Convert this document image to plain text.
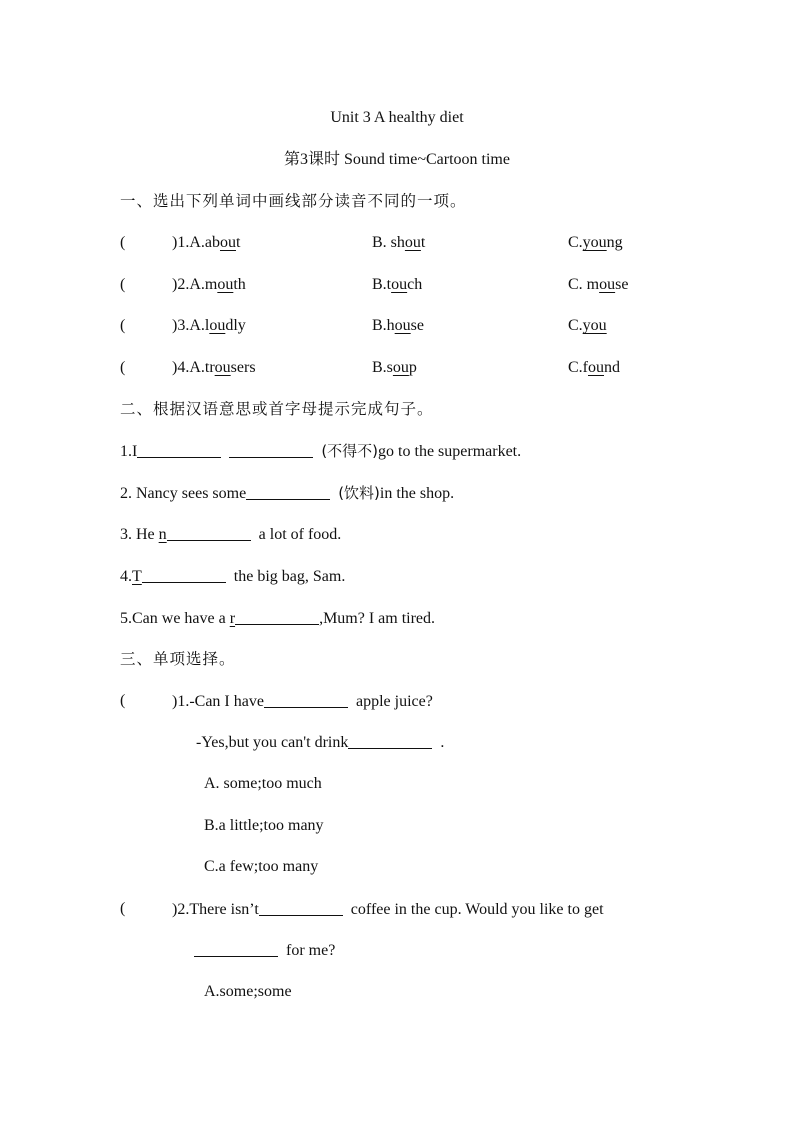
Unit 3 A healthy diet
第3课时 Sound time~Cartoon time
一、选出下列单词中画线部分读音不同的一项。
(	)1.A.about	B. shout	C.young
(	)2.A.mouth	B.touch	C. mouse
(	)3.A.loudly	B.house	C.you
(	)4.A.trousers	B.soup	C.found
二、根据汉语意思或首字母提示完成句子。
1.I	(不得不)go to the supermarket.
2. Nancy sees some	(饮料)in the shop.
3. He n	a lot of food.
4.T	the big bag, Sam.
5.Can we have a r	,Mum? I am tired.
三、单项选择。
(	)1.-Can I have	apple juice?
-Yes,but you can't drink	.
A. some;too much
B.a little;too many
C.a few;too many
(	)2.There isn’t	coffee in the cup. Would you like to get
for me?
A.some;some
